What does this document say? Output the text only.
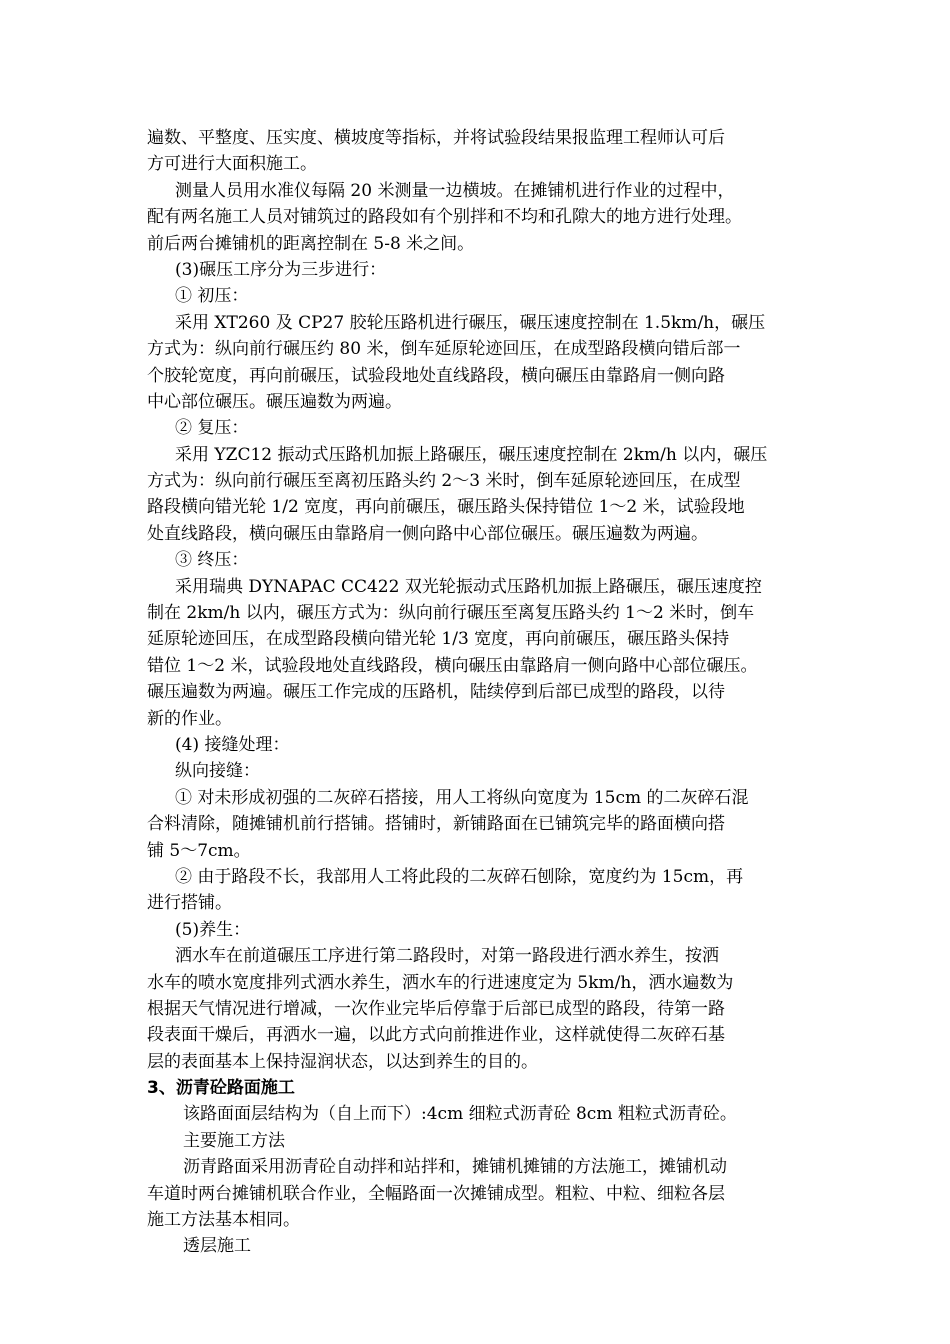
遍数、平整度、压实度、横坡度等指标，并将试验段结果报监理工程师认可后
方可进行大面积施工。
测量人员用水准仪每隔 20 米测量一边横坡。在摊铺机进行作业的过程中，
配有两名施工人员对铺筑过的路段如有个别拌和不均和孔隙大的地方进行处理。
前后两台摊铺机的距离控制在 5-8 米之间。
(3)碾压工序分为三步进行：
① 初压：
采用 XT260 及 CP27 胶轮压路机进行碾压，碾压速度控制在 1.5km/h，碾压
方式为：纵向前行碾压约 80 米，倒车延原轮迹回压，在成型路段横向错后部一
个胶轮宽度，再向前碾压，试验段地处直线路段，横向碾压由靠路肩一侧向路
中心部位碾压。碾压遍数为两遍。
② 复压：
采用 YZC12 振动式压路机加振上路碾压，碾压速度控制在 2km/h 以内，碾压
方式为：纵向前行碾压至离初压路头约 2～3 米时，倒车延原轮迹回压，在成型
路段横向错光轮 1/2 宽度，再向前碾压，碾压路头保持错位 1～2 米，试验段地
处直线路段，横向碾压由靠路肩一侧向路中心部位碾压。碾压遍数为两遍。
③ 终压：
采用瑞典 DYNAPAC CC422 双光轮振动式压路机加振上路碾压，碾压速度控
制在 2km/h 以内，碾压方式为：纵向前行碾压至离复压路头约 1～2 米时，倒车
延原轮迹回压，在成型路段横向错光轮 1/3 宽度，再向前碾压，碾压路头保持
错位 1～2 米，试验段地处直线路段，横向碾压由靠路肩一侧向路中心部位碾压。
碾压遍数为两遍。碾压工作完成的压路机，陆续停到后部已成型的路段，以待
新的作业。
(4) 接缝处理：
纵向接缝：
① 对未形成初强的二灰碎石搭接，用人工将纵向宽度为 15cm 的二灰碎石混
合料清除，随摊铺机前行搭铺。搭铺时，新铺路面在已铺筑完毕的路面横向搭
铺 5～7cm。
② 由于路段不长，我部用人工将此段的二灰碎石刨除，宽度约为 15cm，再
进行搭铺。
(5)养生：
洒水车在前道碾压工序进行第二路段时，对第一路段进行洒水养生，按洒
水车的喷水宽度排列式洒水养生，洒水车的行进速度定为 5km/h，洒水遍数为
根据天气情况进行增减，一次作业完毕后停靠于后部已成型的路段，待第一路
段表面干燥后，再洒水一遍，以此方式向前推进作业，这样就使得二灰碎石基
层的表面基本上保持湿润状态，以达到养生的目的。
3、沥青砼路面施工
该路面面层结构为（自上而下）:4cm 细粒式沥青砼 8cm 粗粒式沥青砼。
主要施工方法
沥青路面采用沥青砼自动拌和站拌和，摊铺机摊铺的方法施工，摊铺机动
车道时两台摊铺机联合作业，全幅路面一次摊铺成型。粗粒、中粒、细粒各层
施工方法基本相同。
透层施工
